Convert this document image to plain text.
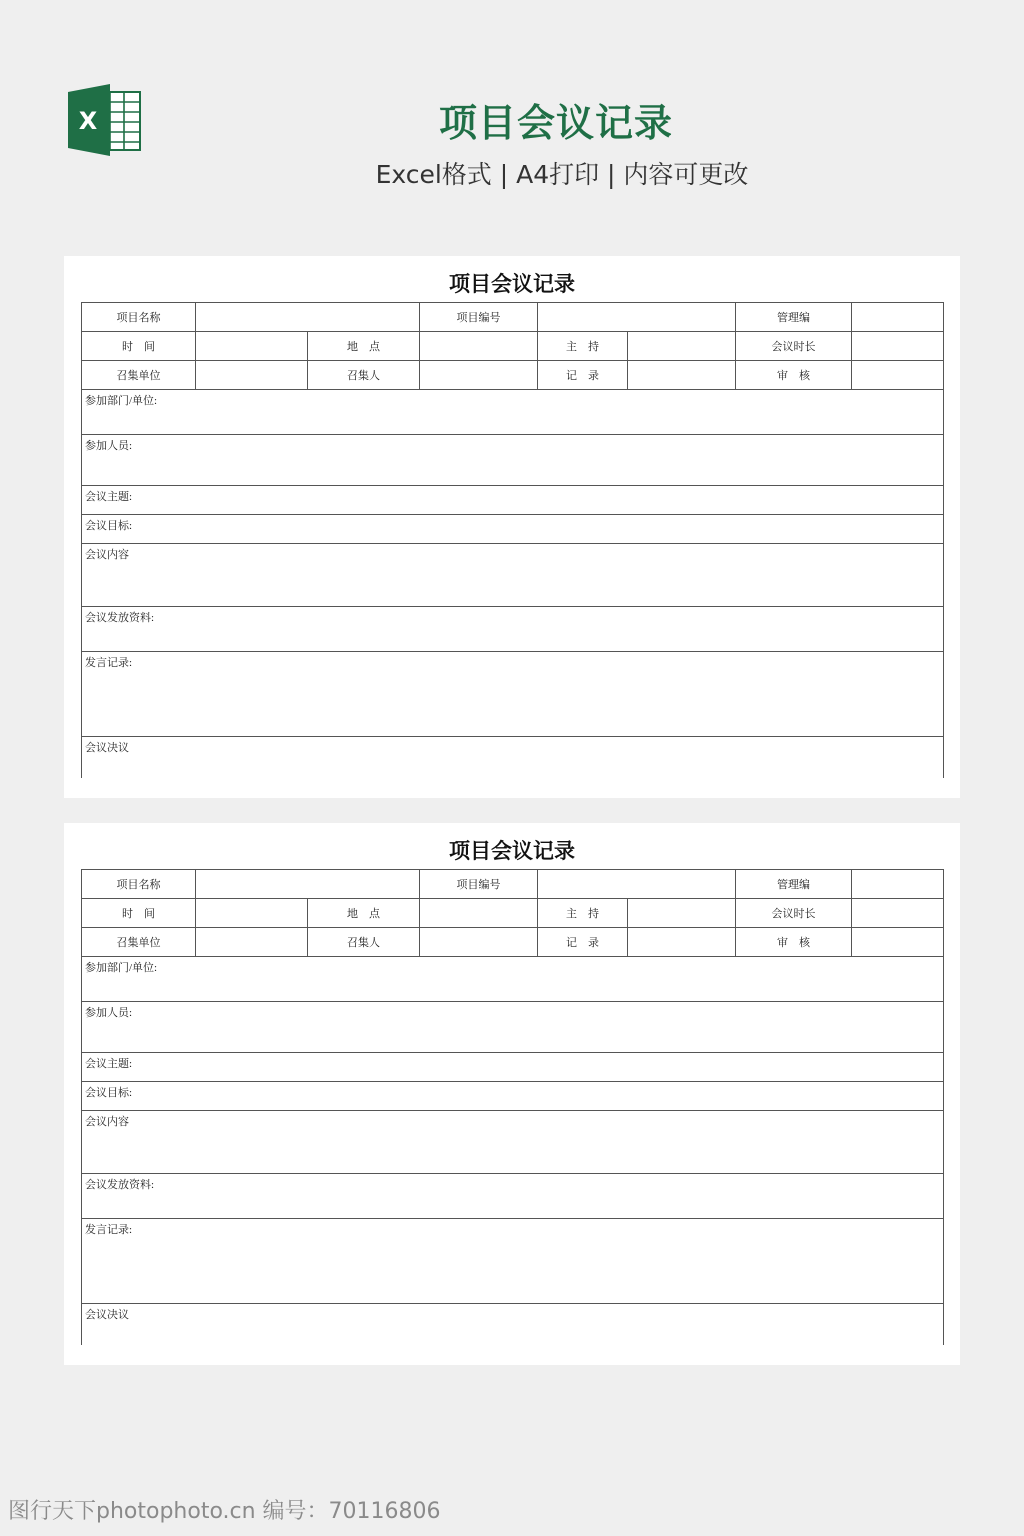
X	项目会议记录
Excel格式 | A4打印 | 内容可更改
项目会议记录
项目名称			项目编号			管理编	
时　间		地　点		主　持		会议时长	
召集单位		召集人		记　录		审　核	
参加部门/单位:							
参加人员:							
会议主题:							
会议目标:							
会议内容							
会议发放资料:							
发言记录:							
会议决议							
项目会议记录
项目名称			项目编号			管理编	
时　间		地　点		主　持		会议时长	
召集单位		召集人		记　录		审　核	
参加部门/单位:							
参加人员:							
会议主题:							
会议目标:							
会议内容							
会议发放资料:							
发言记录:							
会议决议							
图行天下photophoto.cn 编号：70116806
